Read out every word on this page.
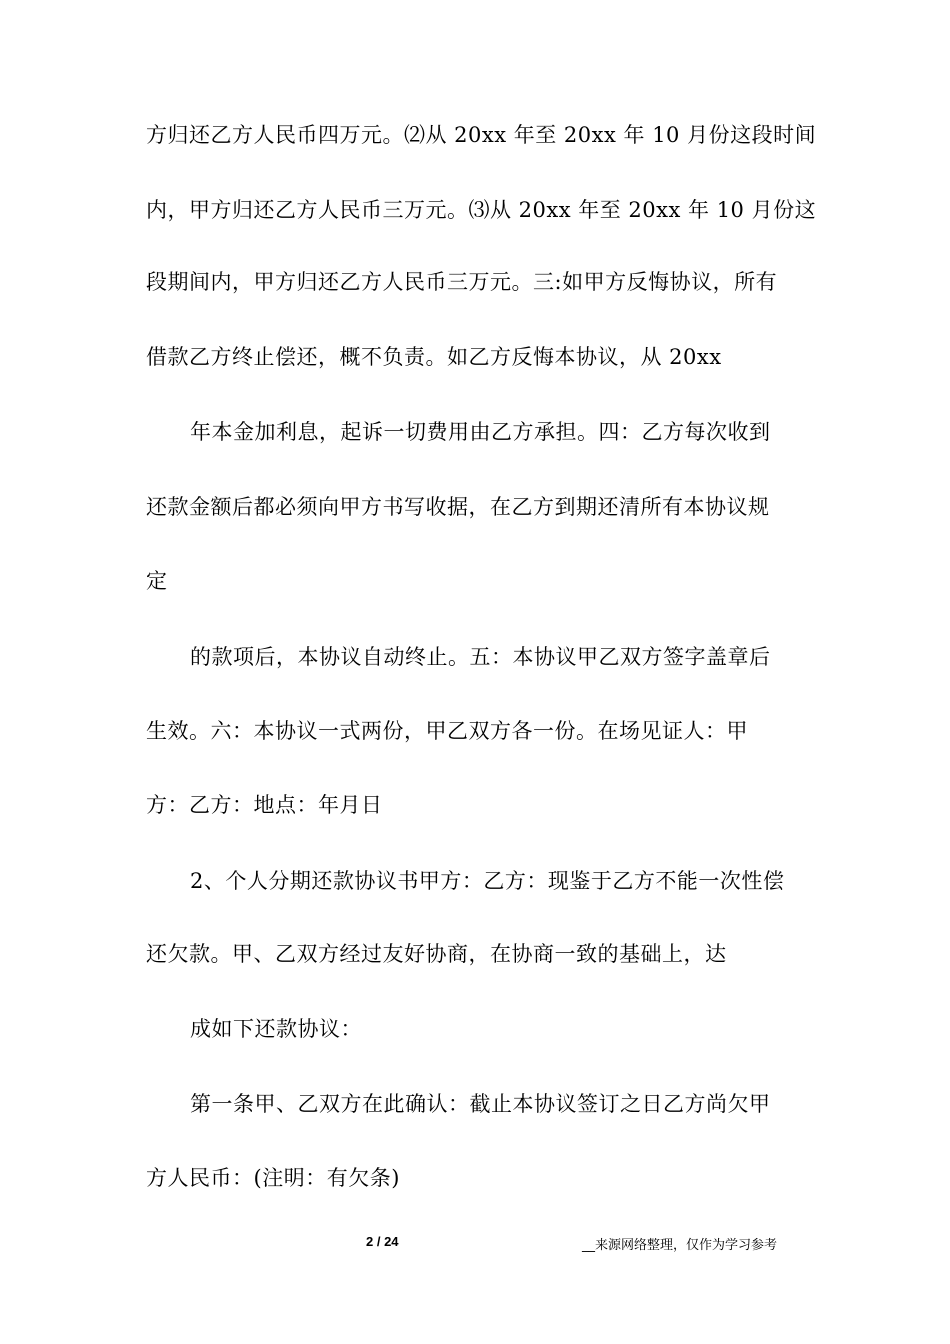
方归还乙方人民币四万元。⑵从 20xx 年至 20xx 年 10 月份这段时间
内，甲方归还乙方人民币三万元。⑶从 20xx 年至 20xx 年 10 月份这
段期间内，甲方归还乙方人民币三万元。三:如甲方反悔协议，所有
借款乙方终止偿还，概不负责。如乙方反悔本协议，从 20xx
年本金加利息，起诉一切费用由乙方承担。四：乙方每次收到
还款金额后都必须向甲方书写收据，在乙方到期还清所有本协议规
定
的款项后，本协议自动终止。五：本协议甲乙双方签字盖章后
生效。六：本协议一式两份，甲乙双方各一份。在场见证人：甲
方：乙方：地点：年月日
2、个人分期还款协议书甲方：乙方：现鉴于乙方不能一次性偿
还欠款。甲、乙双方经过友好协商，在协商一致的基础上，达
成如下还款协议：
第一条甲、乙双方在此确认：截止本协议签订之日乙方尚欠甲
方人民币：(注明：有欠条)
2 / 24	__来源网络整理，仅作为学习参考
